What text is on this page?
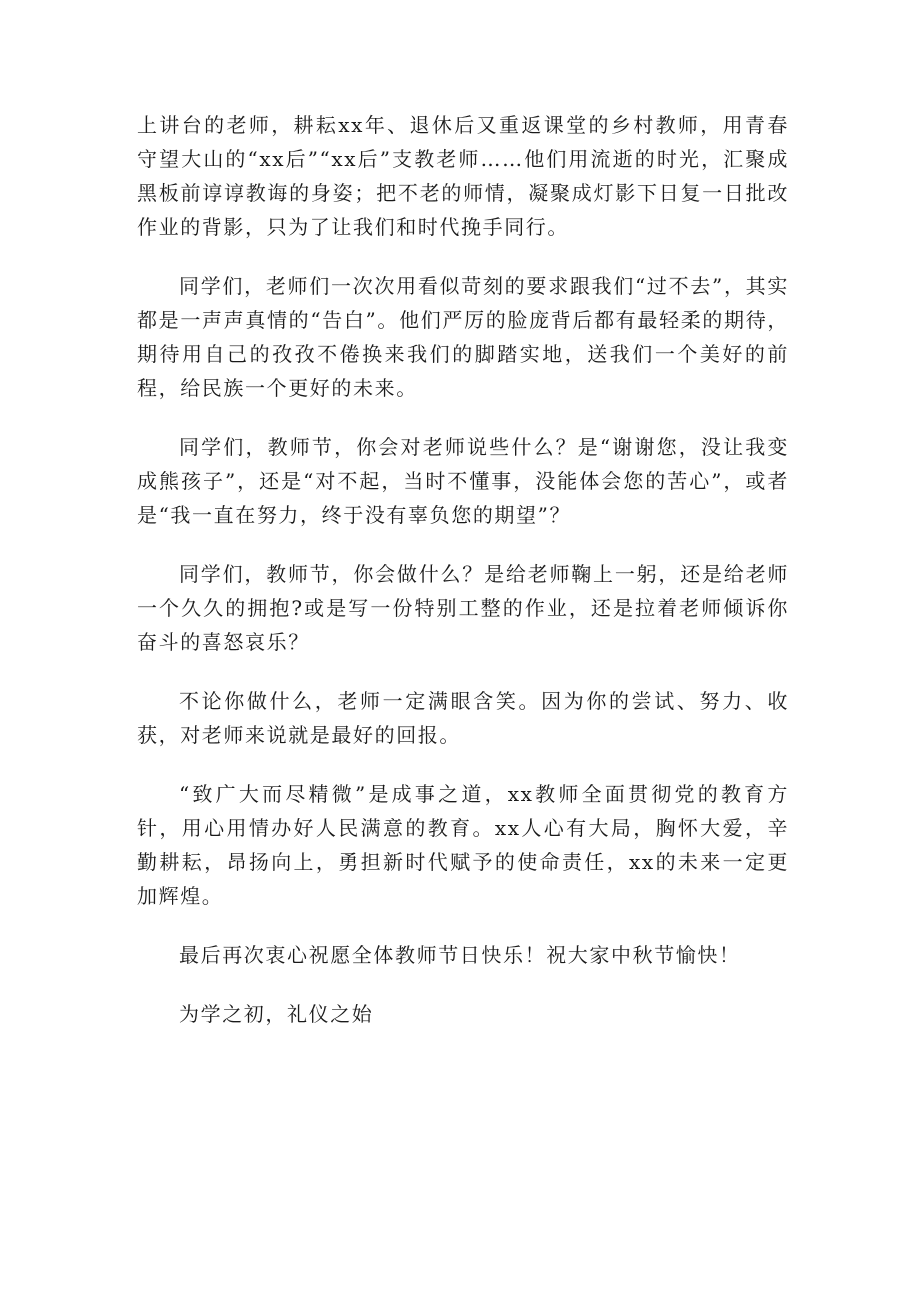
上讲台的老师，耕耘xx年、退休后又重返课堂的乡村教师，用青春守望大山的“xx后”“xx后”支教老师……他们用流逝的时光，汇聚成黑板前谆谆教诲的身姿；把不老的师情，凝聚成灯影下日复一日批改作业的背影，只为了让我们和时代挽手同行。

同学们，老师们一次次用看似苛刻的要求跟我们“过不去”，其实都是一声声真情的“告白”。他们严厉的脸庞背后都有最轻柔的期待，期待用自己的孜孜不倦换来我们的脚踏实地，送我们一个美好的前程，给民族一个更好的未来。

同学们，教师节，你会对老师说些什么？是“谢谢您，没让我变成熊孩子”，还是“对不起，当时不懂事，没能体会您的苦心”，或者是“我一直在努力，终于没有辜负您的期望”？

同学们，教师节，你会做什么？是给老师鞠上一躬，还是给老师一个久久的拥抱?或是写一份特别工整的作业，还是拉着老师倾诉你奋斗的喜怒哀乐？

不论你做什么，老师一定满眼含笑。因为你的尝试、努力、收获，对老师来说就是最好的回报。

“致广大而尽精微”是成事之道，xx教师全面贯彻党的教育方针，用心用情办好人民满意的教育。xx人心有大局，胸怀大爱，辛勤耕耘，昂扬向上，勇担新时代赋予的使命责任，xx的未来一定更加辉煌。

最后再次衷心祝愿全体教师节日快乐！祝大家中秋节愉快！

为学之初，礼仪之始
